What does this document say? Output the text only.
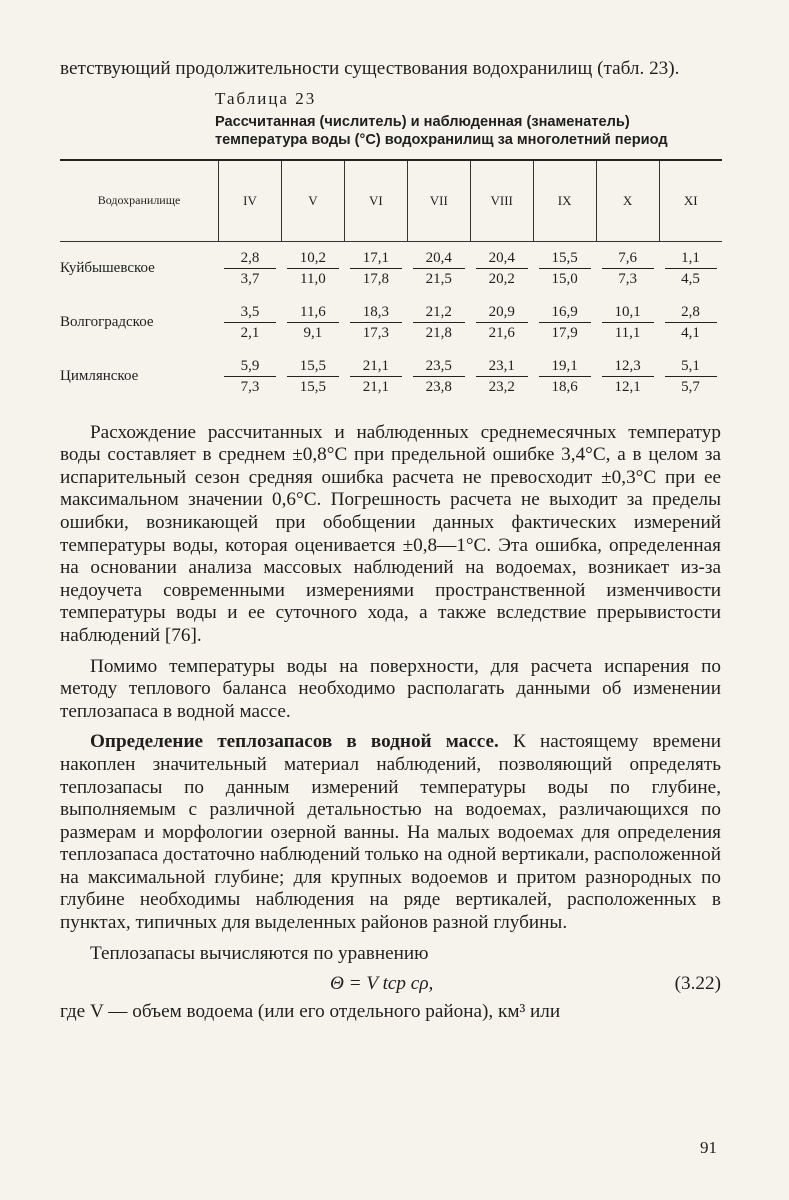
ветствующий продолжительности существования водохранилищ (табл. 23).

Таблица 23
Рассчитанная (числитель) и наблюденная (знаменатель) температура воды (°С) водохранилищ за многолетний период
Водохранилище	IV	V	VI	VII	VIII	IX	X	XI
Куйбышевское	$\frac{2,8}{3,7}$	$\frac{10,2}{11,0}$	$\frac{17,1}{17,8}$	$\frac{20,4}{21,5}$	$\frac{20,4}{20,2}$	$\frac{15,5}{15,0}$	$\frac{7,6}{7,3}$	$\frac{1,1}{4,5}$

Волгоградское	$\frac{3,5}{2,1}$	$\frac{11,6}{9,1}$	$\frac{18,3}{17,3}$	$\frac{21,2}{21,8}$	$\frac{20,9}{21,6}$	$\frac{16,9}{17,9}$	$\frac{10,1}{11,1}$	$\frac{2,8}{4,1}$

Цимлянское	$\frac{5,9}{7,3}$	$\frac{15,5}{15,5}$	$\frac{21,1}{21,1}$	$\frac{23,5}{23,8}$	$\frac{23,1}{23,2}$	$\frac{19,1}{18,6}$	$\frac{12,3}{12,1}$	$\frac{5,1}{5,7}$

Расхождение рассчитанных и наблюденных среднемесячных температур воды составляет в среднем ±0,8°С при предельной ошибке 3,4°С, а в целом за испарительный сезон средняя ошибка расчета не превосходит ±0,3°С при ее максимальном значении 0,6°С. Погрешность расчета не выходит за пределы ошибки, возникающей при обобщении данных фактических измерений температуры воды, которая оценивается ±0,8—1°С. Эта ошибка, определенная на основании анализа массовых наблюдений на водоемах, возникает из-за недоучета современными измерениями пространственной изменчивости температуры воды и ее суточного хода, а также вследствие прерывистости наблюдений [76].

Помимо температуры воды на поверхности, для расчета испарения по методу теплового баланса необходимо располагать данными об изменении теплозапаса в водной массе.

Определение теплозапасов в водной массе. К настоящему времени накоплен значительный материал наблюдений, позволяющий определять теплозапасы по данным измерений температуры воды по глубине, выполняемым с различной детальностью на водоемах, различающихся по размерам и морфологии озерной ванны. На малых водоемах для определения теплозапаса достаточно наблюдений только на одной вертикали, расположенной на максимальной глубине; для крупных водоемов и притом разнородных по глубине необходимы наблюдения на ряде вертикалей, расположенных в пунктах, типичных для выделенных районов разной глубины.

Теплозапасы вычисляются по уравнению

Θ = V tср cρ,	(3.22)

где V — объем водоема (или его отдельного района), км³ или

91
